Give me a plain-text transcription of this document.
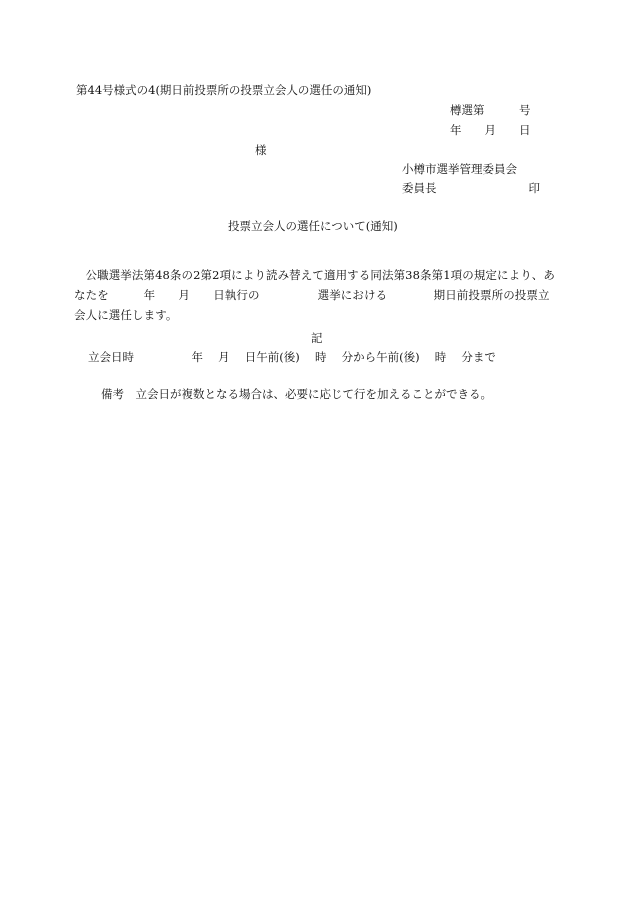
第44号様式の4(期日前投票所の投票立会人の選任の通知)
樽選第　　　号
年　　月　　日
様
小樽市選挙管理委員会
委員長　　　　　　　　印
投票立会人の選任について(通知)
公職選挙法第48条の2第2項により読み替えて適用する同法第38条第1項の規定により、あなたを　　　年　　月　　日執行の　　　　　選挙における　　　　期日前投票所の投票立会人に選任します。
記
立会日時　　　　　年　 月　 日午前(後)　 時　 分から午前(後)　 時　 分まで
備考　立会日が複数となる場合は、必要に応じて行を加えることができる。
